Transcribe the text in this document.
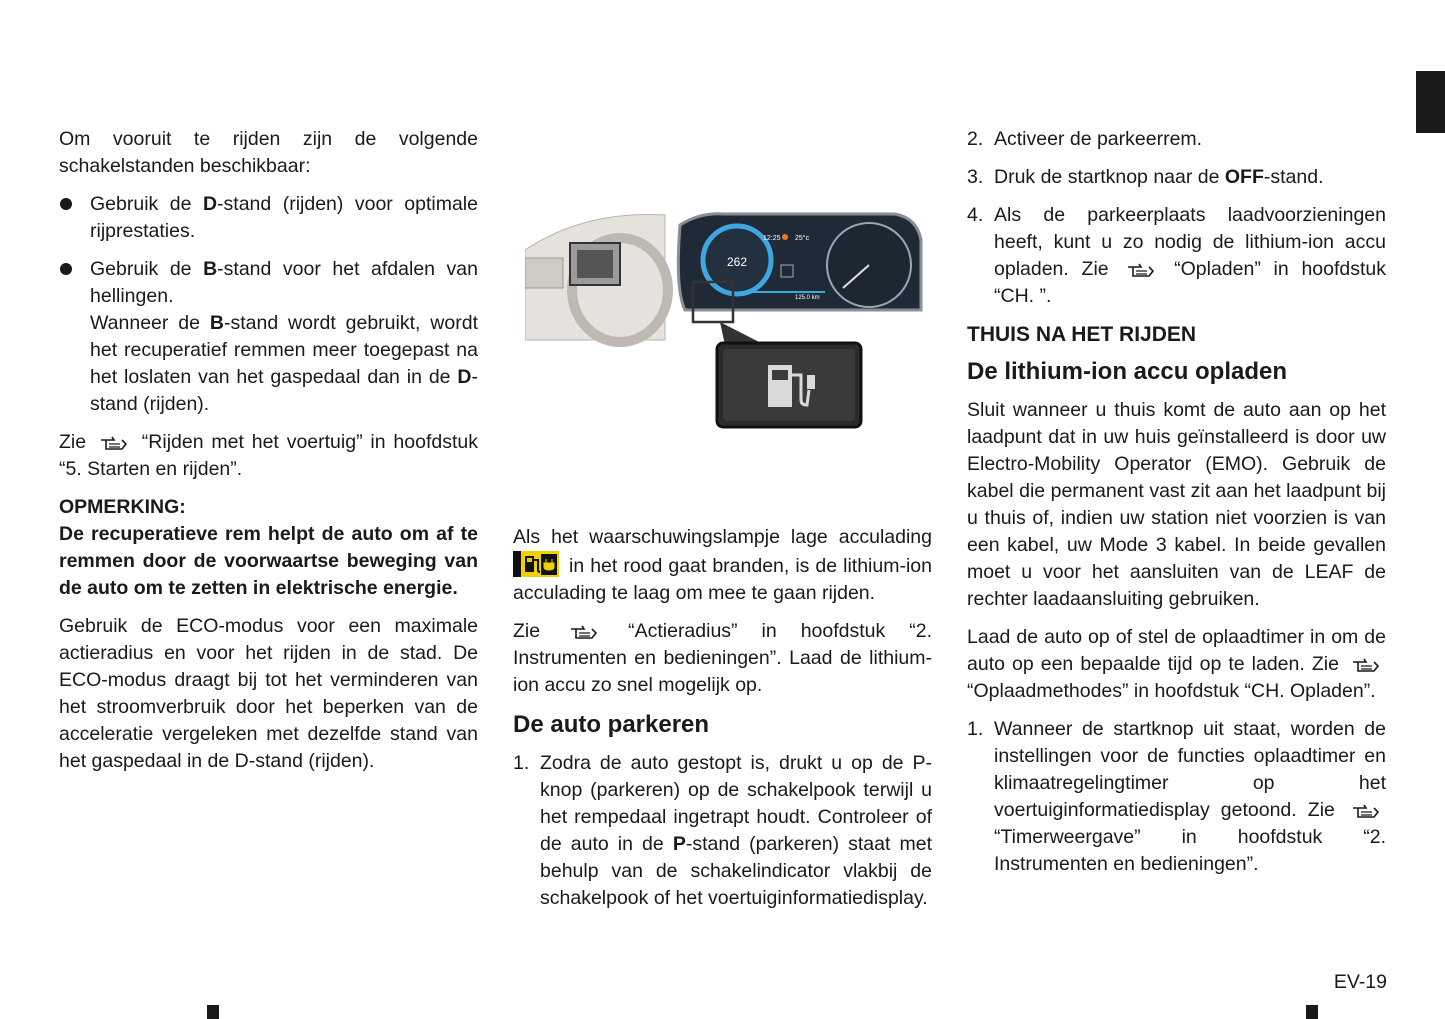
Om vooruit te rijden zijn de volgende schakelstanden beschikbaar:

Gebruik de D-stand (rijden) voor optimale rijprestaties.
Gebruik de B-stand voor het afdalen van hellingen.
Wanneer de B-stand wordt gebruikt, wordt het recuperatief remmen meer toegepast na het loslaten van het gaspedaal dan in de D-stand (rijden).

Zie	“Rijden met het voertuig” in hoofdstuk “5. Starten en rijden”.

OPMERKING:

De recuperatieve rem helpt de auto om af te remmen door de voorwaartse beweging van de auto om te zetten in elektrische energie.

Gebruik de ECO-modus voor een maximale actieradius en voor het rijden in de stad. De ECO-modus draagt bij tot het verminderen van het stroomverbruik door het beperken van de acceleratie vergeleken met dezelfde stand van het gaspedaal in de D-stand (rijden).

262
12:25 25°c
125.0 km

Als het waarschuwingslampje lage acculading  in het rood gaat branden, is de lithium-ion acculading te laag om mee te gaan rijden.

Zie	“Actieradius” in hoofdstuk “2. Instrumenten en bedieningen”. Laad de lithium-ion accu zo snel mogelijk op.

De auto parkeren
1. Zodra de auto gestopt is, drukt u op de P-knop (parkeren) op de schakelpook terwijl u het rempedaal ingetrapt houdt. Controleer of de auto in de P-stand (parkeren) staat met behulp van de schakelindicator vlakbij de schakelpook of het voertuiginformatiedisplay.
2. Activeer de parkeerrem.
3. Druk de startknop naar de OFF-stand.
4. Als de parkeerplaats laadvoorzieningen heeft, kunt u zo nodig de lithium-ion accu opladen. Zie	“Opladen” in hoofdstuk “CH. ”.
THUIS NA HET RIJDEN
De lithium-ion accu opladen

Sluit wanneer u thuis komt de auto aan op het laadpunt dat in uw huis geïnstalleerd is door uw Electro-Mobility Operator (EMO). Gebruik de kabel die permanent vast zit aan het laadpunt bij u thuis of, indien uw station niet voorzien is van een kabel, uw Mode 3 kabel. In beide gevallen moet u voor het aansluiten van de LEAF de rechter laadaansluiting gebruiken.

Laad de auto op of stel de oplaadtimer in om de auto op een bepaalde tijd op te laden. Zie  “Oplaadmethodes” in hoofdstuk “CH. Opladen”.

1. Wanneer de startknop uit staat, worden de instellingen voor de functies oplaadtimer en klimaatregelingtimer op het voertuiginformatiedisplay getoond. Zie  “Timerweergave” in hoofdstuk “2. Instrumenten en bedieningen”.
EV-19
